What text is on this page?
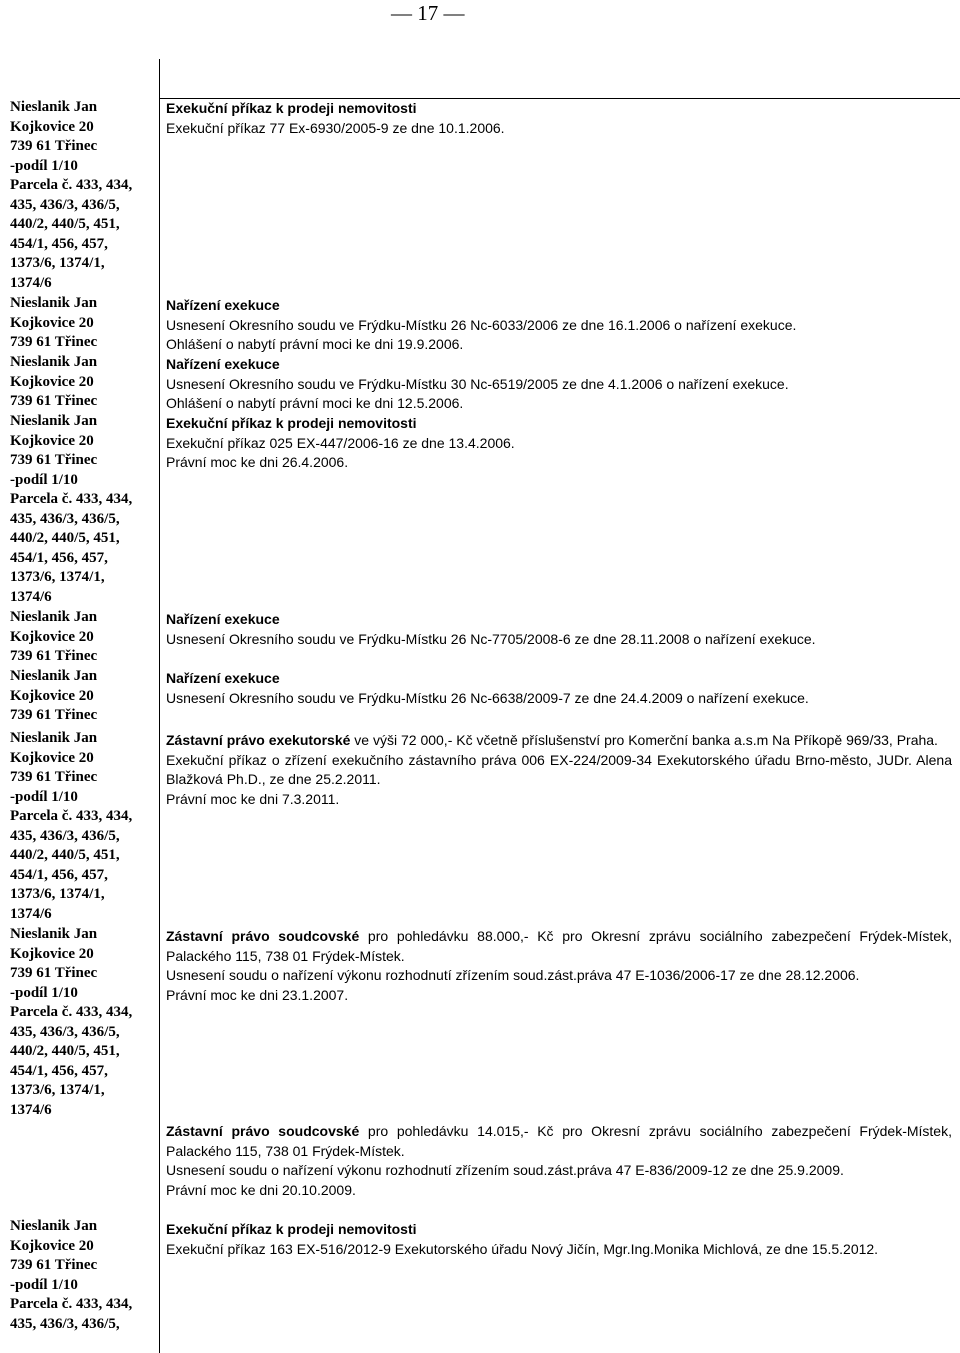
— 17 —
Nieslanik Jan
Kojkovice 20
739 61 Třinec
-podíl 1/10
Parcela č. 433, 434,
435, 436/3, 436/5,
440/2, 440/5, 451,
454/1, 456, 457,
1373/6, 1374/1,
1374/6
Nieslanik Jan
Kojkovice 20
739 61 Třinec
Nieslanik Jan
Kojkovice 20
739 61 Třinec
Nieslanik Jan
Kojkovice 20
739 61 Třinec
-podíl 1/10
Parcela č. 433, 434,
435, 436/3, 436/5,
440/2, 440/5, 451,
454/1, 456, 457,
1373/6, 1374/1,
1374/6
Nieslanik Jan
Kojkovice 20
739 61 Třinec
Nieslanik Jan
Kojkovice 20
739 61 Třinec
Nieslanik Jan
Kojkovice 20
739 61 Třinec
-podíl 1/10
Parcela č. 433, 434,
435, 436/3, 436/5,
440/2, 440/5, 451,
454/1, 456, 457,
1373/6, 1374/1,
1374/6
Nieslanik Jan
Kojkovice 20
739 61 Třinec
-podíl 1/10
Parcela č. 433, 434,
435, 436/3, 436/5,
440/2, 440/5, 451,
454/1, 456, 457,
1373/6, 1374/1,
1374/6
Nieslanik Jan
Kojkovice 20
739 61 Třinec
-podíl 1/10
Parcela č. 433, 434,
435, 436/3, 436/5,
Exekuční příkaz k prodeji nemovitosti
Exekuční příkaz 77 Ex-6930/2005-9 ze dne 10.1.2006.
Nařízení exekuce
Usnesení Okresního soudu ve Frýdku-Místku 26 Nc-6033/2006 ze dne 16.1.2006 o nařízení exekuce.
Ohlášení o nabytí právní moci ke dni 19.9.2006.
Nařízení exekuce
Usnesení Okresního soudu ve Frýdku-Místku 30 Nc-6519/2005 ze dne 4.1.2006 o nařízení exekuce.
Ohlášení o nabytí právní moci ke dni 12.5.2006.
Exekuční příkaz k prodeji nemovitosti
Exekuční příkaz 025 EX-447/2006-16 ze dne 13.4.2006.
Právní moc ke dni 26.4.2006.
Nařízení exekuce
Usnesení Okresního soudu ve Frýdku-Místku 26 Nc-7705/2008-6 ze dne 28.11.2008 o nařízení exekuce.
Nařízení exekuce
Usnesení Okresního soudu ve Frýdku-Místku 26 Nc-6638/2009-7 ze dne 24.4.2009 o nařízení exekuce.
Zástavní právo exekutorské ve výši 72 000,- Kč včetně příslušenství pro Komerční banka a.s.m Na Příkopě 969/33, Praha.
Exekuční příkaz o zřízení exekučního zástavního práva 006 EX-224/2009-34 Exekutorského úřadu Brno-město, JUDr. Alena Blažková Ph.D., ze dne 25.2.2011.
Právní moc ke dni 7.3.2011.
Zástavní právo soudcovské pro pohledávku 88.000,- Kč pro Okresní zprávu sociálního zabezpečení Frýdek-Místek, Palackého 115, 738 01 Frýdek-Místek.
Usnesení soudu o nařízení výkonu rozhodnutí zřízením soud.zást.práva 47 E-1036/2006-17 ze dne 28.12.2006.
Právní moc ke dni 23.1.2007.
Zástavní právo soudcovské pro pohledávku 14.015,- Kč pro Okresní zprávu sociálního zabezpečení Frýdek-Místek, Palackého 115, 738 01 Frýdek-Místek.
Usnesení soudu o nařízení výkonu rozhodnutí zřízením soud.zást.práva 47 E-836/2009-12 ze dne 25.9.2009.
Právní moc ke dni 20.10.2009.
Exekuční příkaz k prodeji nemovitosti
Exekuční příkaz 163 EX-516/2012-9 Exekutorského úřadu Nový Jičín, Mgr.Ing.Monika Michlová, ze dne 15.5.2012.
